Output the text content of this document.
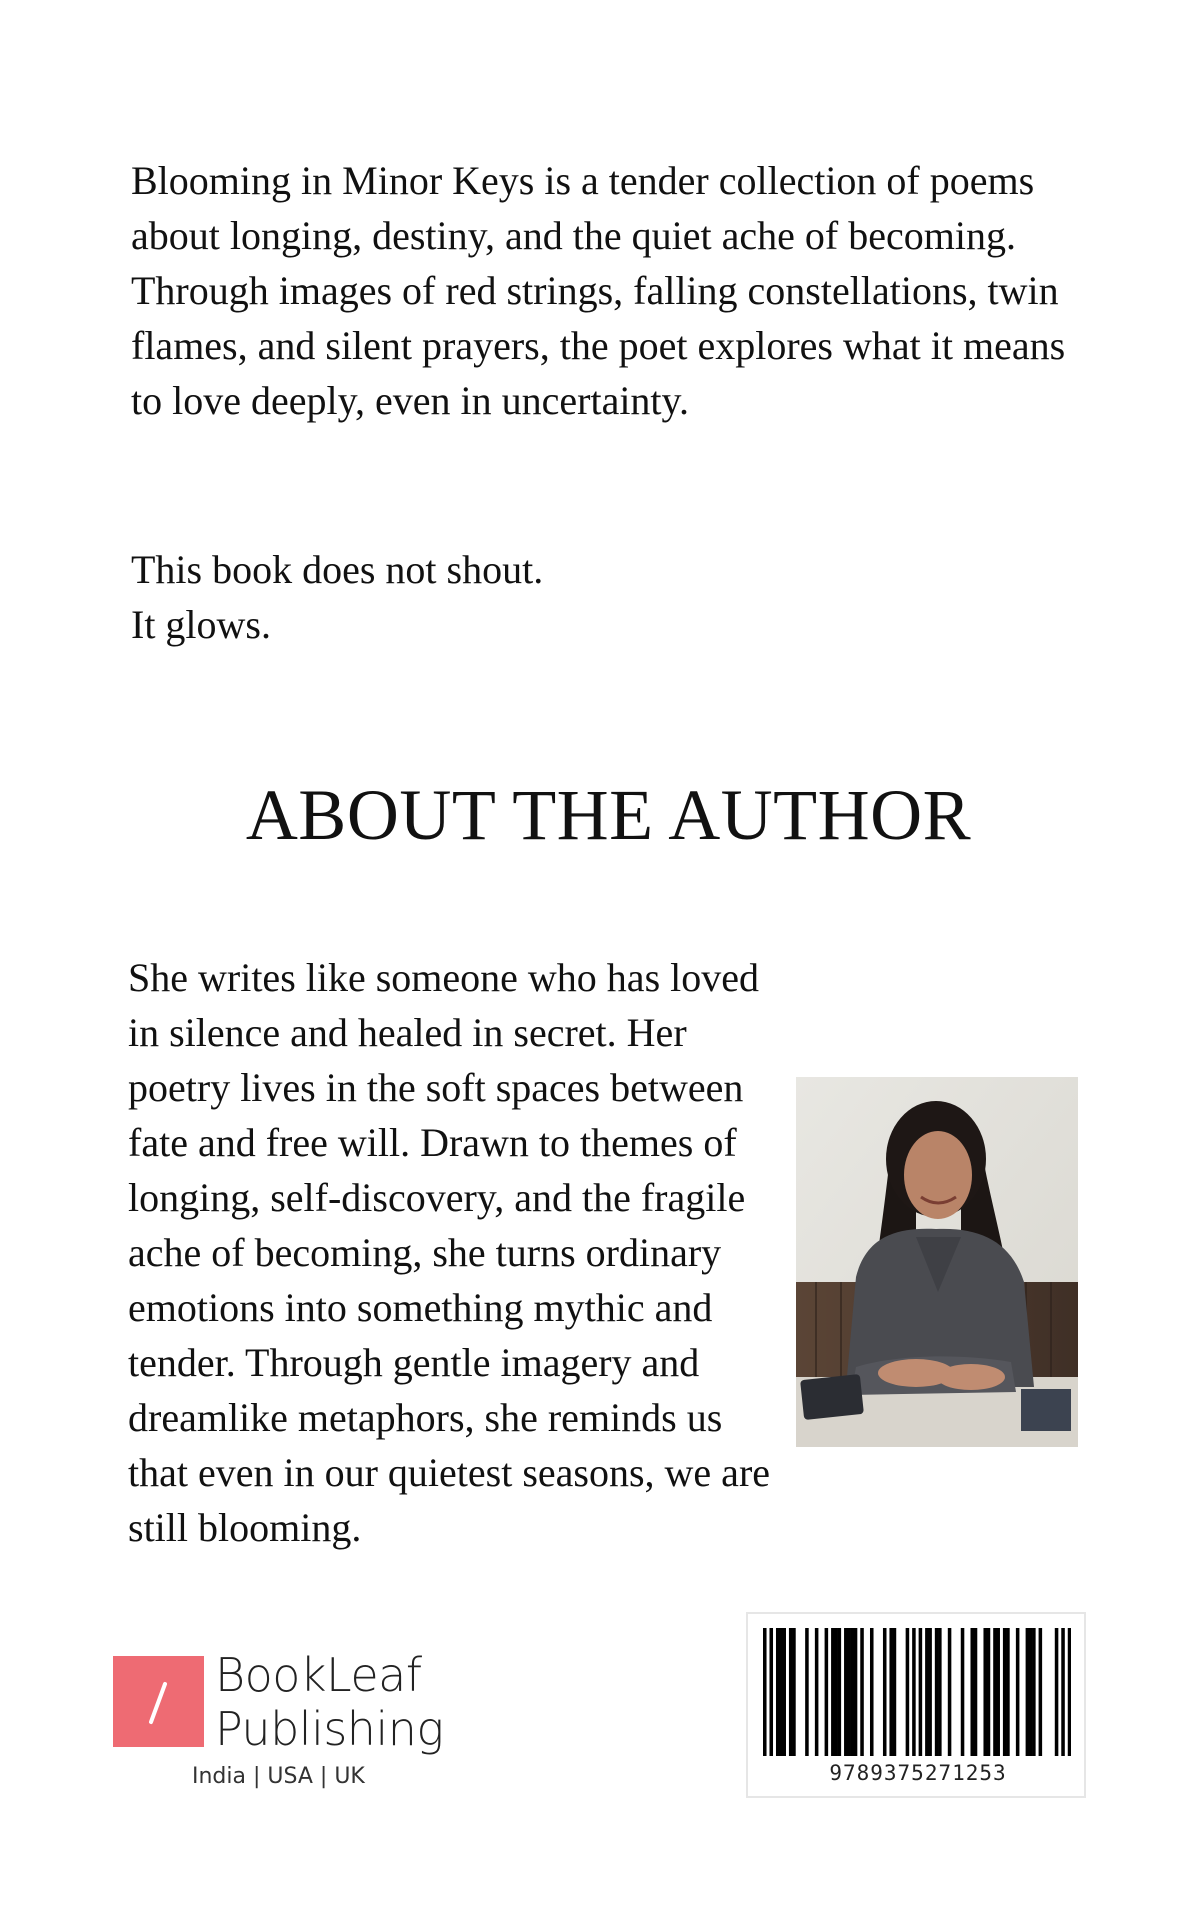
Blooming in Minor Keys is a tender collection of poems about longing, destiny, and the quiet ache of becoming. Through images of red strings, falling constellations, twin flames, and silent prayers, the poet explores what it means to love deeply, even in uncertainty.

This book does not shout.
It glows.
ABOUT THE AUTHOR

She writes like someone who has loved in silence and healed in secret. Her poetry lives in the soft spaces between fate and free will. Drawn to themes of longing, self-discovery, and the fragile ache of becoming, she turns ordinary emotions into something mythic and tender. Through gentle imagery and dreamlike metaphors, she reminds us that even in our quietest seasons, we are still blooming.

BookLeaf
Publishing
India | USA | UK	9789375271253
